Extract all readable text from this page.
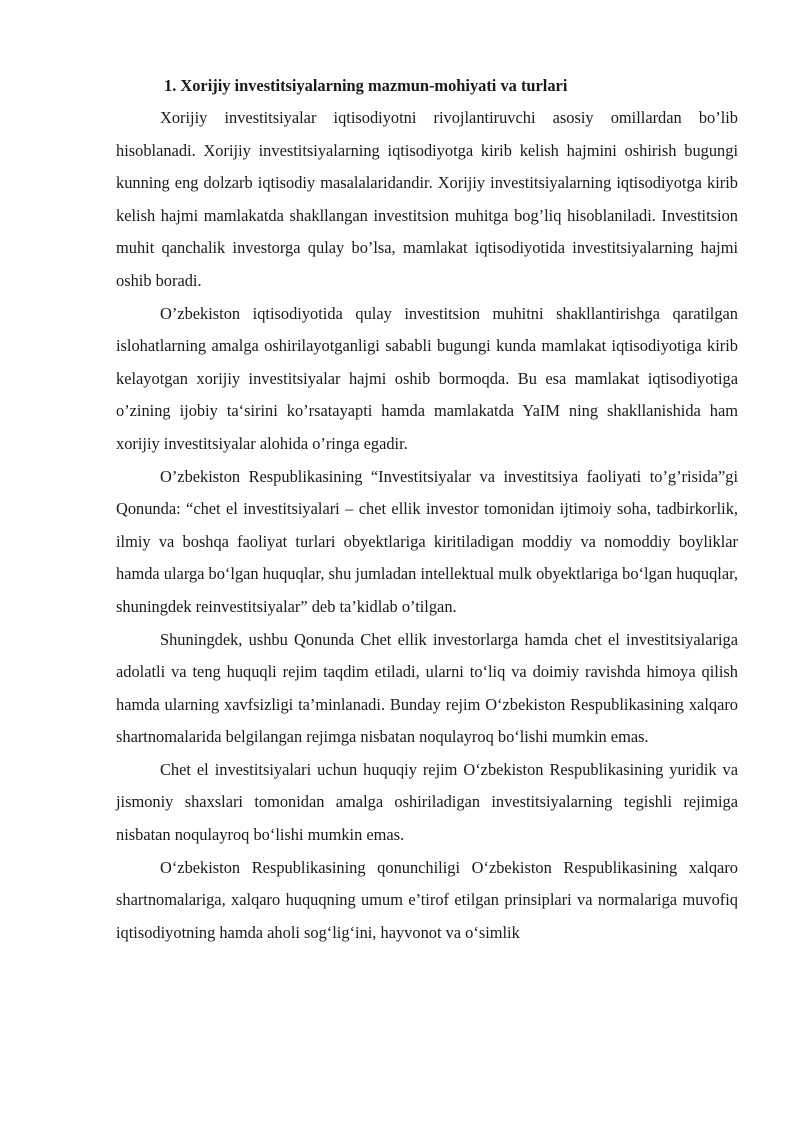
1. Xorijiy investitsiyalarning mazmun-mohiyati va turlari

Xorijiy investitsiyalar iqtisodiyotni rivojlantiruvchi asosiy omillardan bo’lib hisoblanadi. Xorijiy investitsiyalarning iqtisodiyotga kirib kelish hajmini oshirish bugungi kunning eng dolzarb iqtisodiy masalalaridandir. Xorijiy investitsiyalarning iqtisodiyotga kirib kelish hajmi mamlakatda shakllangan investitsion muhitga bog’liq hisoblaniladi. Investitsion muhit qanchalik investorga qulay bo’lsa, mamlakat iqtisodiyotida investitsiyalarning hajmi oshib boradi.

O’zbekiston iqtisodiyotida qulay investitsion muhitni shakllantirishga qaratilgan islohatlarning amalga oshirilayotganligi sababli bugungi kunda mamlakat iqtisodiyotiga kirib kelayotgan xorijiy investitsiyalar hajmi oshib bormoqda. Bu esa mamlakat iqtisodiyotiga o’zining ijobiy ta‘sirini ko’rsatayapti hamda mamlakatda YaIM ning shakllanishida ham xorijiy investitsiyalar alohida o’ringa egadir.

O’zbekiston Respublikasining “Investitsiyalar va investitsiya faoliyati to’g’risida”gi Qonunda: “chet el investitsiyalari – chet ellik investor tomonidan ijtimoiy soha, tadbirkorlik, ilmiy va boshqa faoliyat turlari obyektlariga kiritiladigan moddiy va nomoddiy boyliklar hamda ularga bo‘lgan huquqlar, shu jumladan intellektual mulk obyektlariga bo‘lgan huquqlar, shuningdek reinvestitsiyalar” deb ta’kidlab o’tilgan.

Shuningdek, ushbu Qonunda Chet ellik investorlarga hamda chet el investitsiyalariga adolatli va teng huquqli rejim taqdim etiladi, ularni to‘liq va doimiy ravishda himoya qilish hamda ularning xavfsizligi ta’minlanadi. Bunday rejim O‘zbekiston Respublikasining xalqaro shartnomalarida belgilangan rejimga nisbatan noqulayroq bo‘lishi mumkin emas.

Chet el investitsiyalari uchun huquqiy rejim O‘zbekiston Respublikasining yuridik va jismoniy shaxslari tomonidan amalga oshiriladigan investitsiyalarning tegishli rejimiga nisbatan noqulayroq bo‘lishi mumkin emas.

O‘zbekiston Respublikasining qonunchiligi O‘zbekiston Respublikasining xalqaro shartnomalariga, xalqaro huquqning umum e’tirof etilgan prinsiplari va normalariga muvofiq iqtisodiyotning hamda aholi sog‘lig‘ini, hayvonot va o‘simlik
